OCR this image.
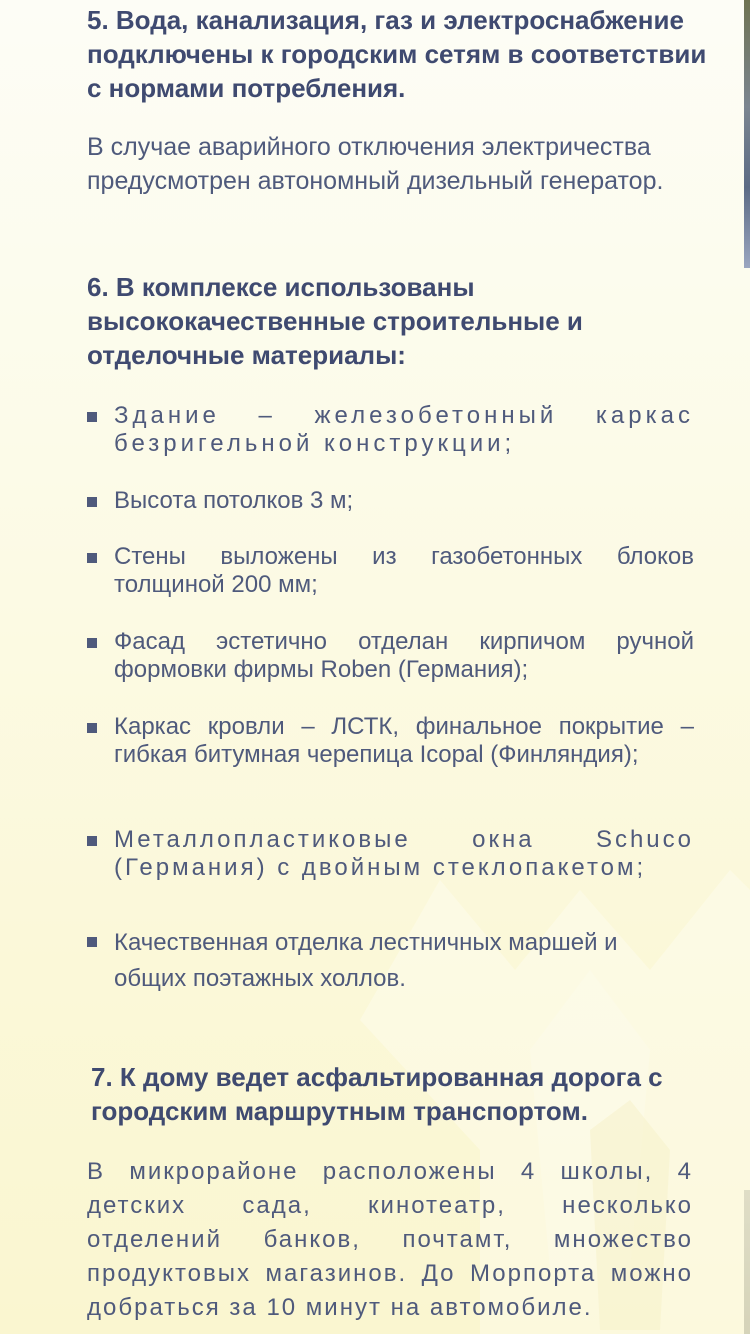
5. Вода, канализация, газ и электроснабжение подключены к городским сетям в соответствии с нормами потребления.

В случае аварийного отключения электричества предусмотрен автономный дизельный генератор.

6. В комплексе использованы высококачественные строительные и отделочные материалы:

Здание – железобетонный каркас безригельной конструкции;
Высота потолков 3 м;
Стены выложены из газобетонных блоков толщиной 200 мм;
Фасад эстетично отделан кирпичом ручной формовки фирмы Roben (Германия);
Каркас кровли – ЛСТК, финальное покрытие – гибкая битумная черепица Icopal (Финляндия);
Металлопластиковые окна Schuco (Германия) с двойным стеклопакетом;
Качественная отделка лестничных маршей и общих поэтажных холлов.

7. К дому ведет асфальтированная дорога с городским маршрутным транспортом.

В микрорайоне расположены 4 школы, 4 детских сада, кинотеатр, несколько отделений банков, почтамт, множество продуктовых магазинов. До Морпорта можно добраться за 10 минут на автомобиле.
